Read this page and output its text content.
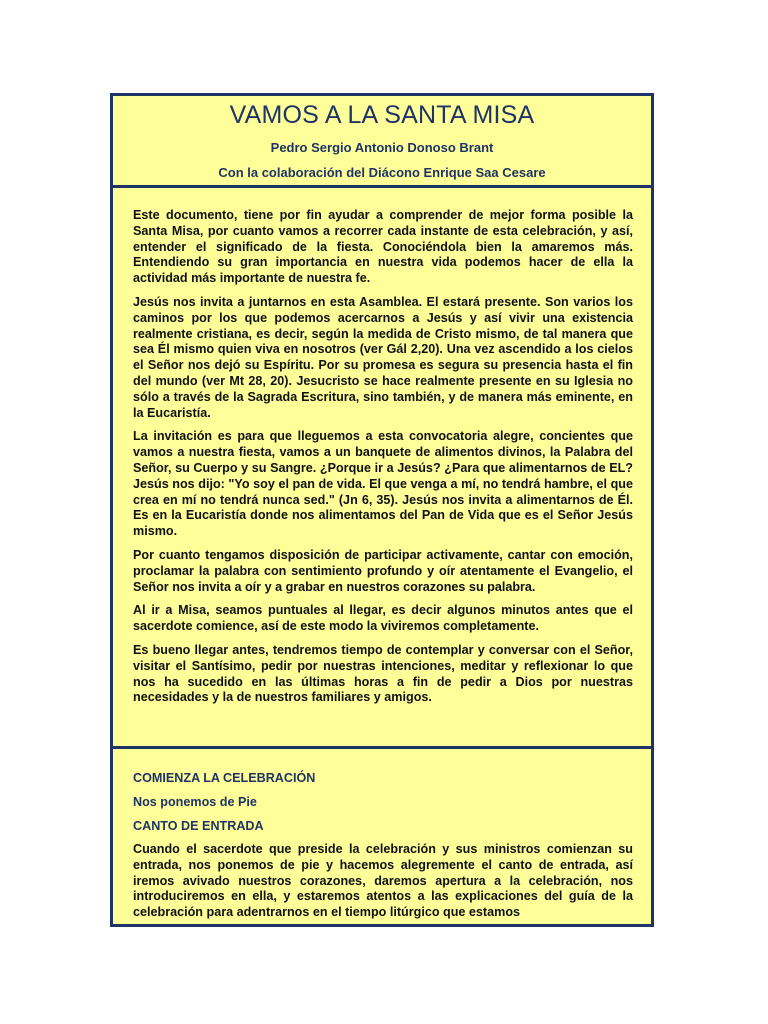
VAMOS A LA SANTA MISA

Pedro Sergio Antonio Donoso Brant

Con la colaboración del Diácono Enrique Saa Cesare

Este documento, tiene por fin ayudar a comprender de mejor forma posible la Santa Misa, por cuanto vamos a recorrer cada instante de esta celebración, y así, entender el significado de la fiesta. Conociéndola bien la amaremos más. Entendiendo su gran importancia en nuestra vida podemos hacer de ella la actividad más importante de nuestra fe.

Jesús nos invita a juntarnos en esta Asamblea. El estará presente. Son varios los caminos por los que podemos acercarnos a Jesús y así vivir una existencia realmente cristiana, es decir, según la medida de Cristo mismo, de tal manera que sea Él mismo quien viva en nosotros (ver Gál 2,20). Una vez ascendido a los cielos el Señor nos dejó su Espíritu. Por su promesa es segura su presencia hasta el fin del mundo (ver Mt 28, 20). Jesucristo se hace realmente presente en su Iglesia no sólo a través de la Sagrada Escritura, sino también, y de manera más eminente, en la Eucaristía.

La invitación es para que lleguemos a esta convocatoria alegre, concientes que vamos a nuestra fiesta, vamos a un banquete de alimentos divinos, la Palabra del Señor, su Cuerpo y su Sangre. ¿Porque ir a Jesús? ¿Para que alimentarnos de EL? Jesús nos dijo: "Yo soy el pan de vida. El que venga a mí, no tendrá hambre, el que crea en mí no tendrá nunca sed." (Jn 6, 35). Jesús nos invita a alimentarnos de Él. Es en la Eucaristía donde nos alimentamos del Pan de Vida que es el Señor Jesús mismo.

Por cuanto tengamos disposición de participar activamente, cantar con emoción, proclamar la palabra con sentimiento profundo y oír atentamente el Evangelio, el Señor nos invita a oír y a grabar en nuestros corazones su palabra.

Al ir a Misa, seamos puntuales al llegar, es decir algunos minutos antes que el sacerdote comience, así de este modo la viviremos completamente.

Es bueno llegar antes, tendremos tiempo de contemplar y conversar con el Señor, visitar el Santísimo, pedir por nuestras intenciones, meditar y reflexionar lo que nos ha sucedido en las últimas horas a fin de pedir a Dios por nuestras necesidades y la de nuestros familiares y amigos.

COMIENZA LA CELEBRACIÓN

Nos ponemos de Pie

CANTO DE ENTRADA

Cuando el sacerdote que preside la celebración y sus ministros comienzan su entrada, nos ponemos de pie y hacemos alegremente el canto de entrada, así iremos avivado nuestros corazones, daremos apertura a la celebración, nos introduciremos en ella, y estaremos atentos a las explicaciones del guía de la celebración para adentrarnos en el tiempo litúrgico que estamos
